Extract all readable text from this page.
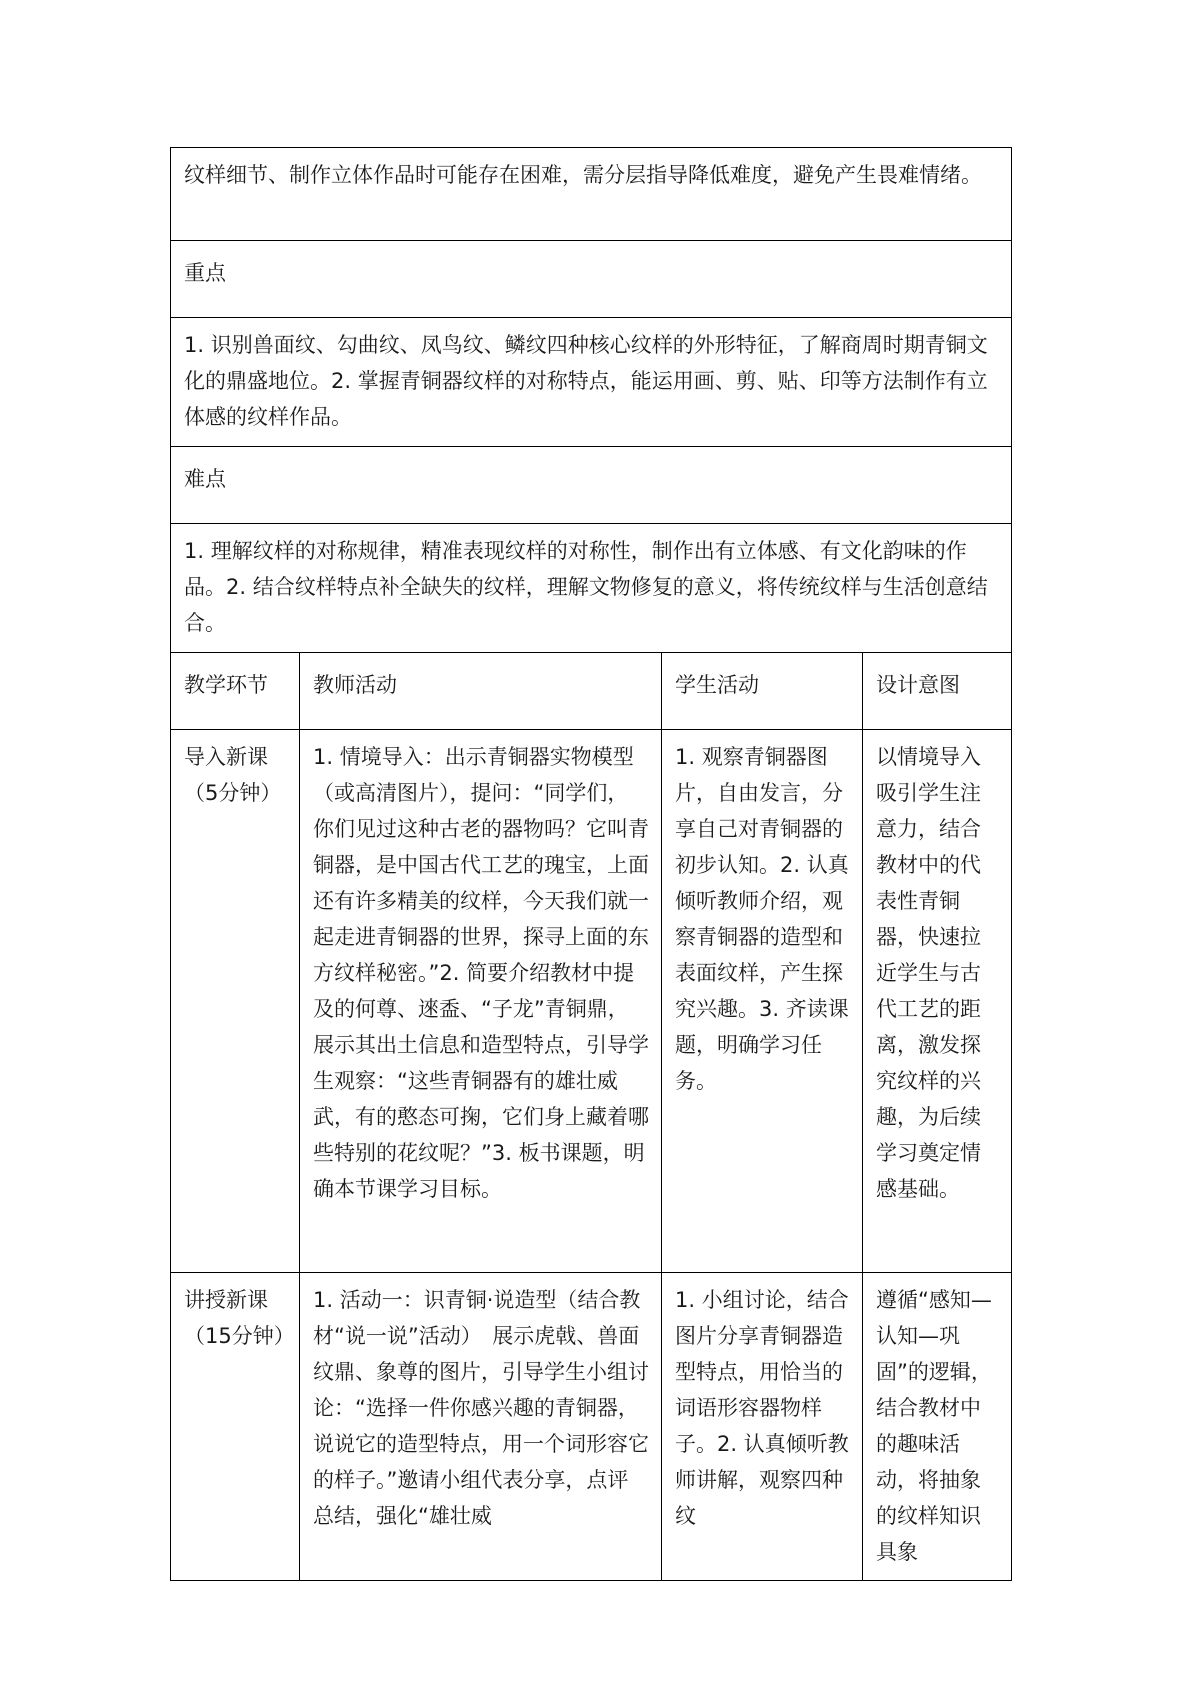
纹样细节、制作立体作品时可能存在困难，需分层指导降低难度，避免产生畏难情绪。			

重点			

1. 识别兽面纹、勾曲纹、凤鸟纹、鳞纹四种核心纹样的外形特征，了解商周时期青铜文化的鼎盛地位。2. 掌握青铜器纹样的对称特点，能运用画、剪、贴、印等方法制作有立体感的纹样作品。			

难点			

1. 理解纹样的对称规律，精准表现纹样的对称性，制作出有立体感、有文化韵味的作品。2. 结合纹样特点补全缺失的纹样，理解文物修复的意义，将传统纹样与生活创意结合。			

教学环节	教师活动	学生活动	设计意图

导入新课（5分钟）	1. 情境导入：出示青铜器实物模型（或高清图片），提问：“同学们，你们见过这种古老的器物吗？它叫青铜器，是中国古代工艺的瑰宝，上面还有许多精美的纹样，今天我们就一起走进青铜器的世界，探寻上面的东方纹样秘密。”2. 简要介绍教材中提及的何尊、逨盉、“子龙”青铜鼎，展示其出土信息和造型特点，引导学生观察：“这些青铜器有的雄壮威武，有的憨态可掬，它们身上藏着哪些特别的花纹呢？”3. 板书课题，明确本节课学习目标。	1. 观察青铜器图片，自由发言，分享自己对青铜器的初步认知。2. 认真倾听教师介绍，观察青铜器的造型和表面纹样，产生探究兴趣。3. 齐读课题，明确学习任务。	以情境导入吸引学生注意力，结合教材中的代表性青铜器，快速拉近学生与古代工艺的距离，激发探究纹样的兴趣，为后续学习奠定情感基础。

讲授新课（15分钟）	1. 活动一：识青铜·说造型（结合教材“说一说”活动）　展示虎戟、兽面纹鼎、象尊的图片，引导学生小组讨论：“选择一件你感兴趣的青铜器，说说它的造型特点，用一个词形容它的样子。”邀请小组代表分享，点评总结，强化“雄壮威	1. 小组讨论，结合图片分享青铜器造型特点，用恰当的词语形容器物样子。2. 认真倾听教师讲解，观察四种纹	遵循“感知—认知—巩固”的逻辑，结合教材中的趣味活动，将抽象的纹样知识具象
